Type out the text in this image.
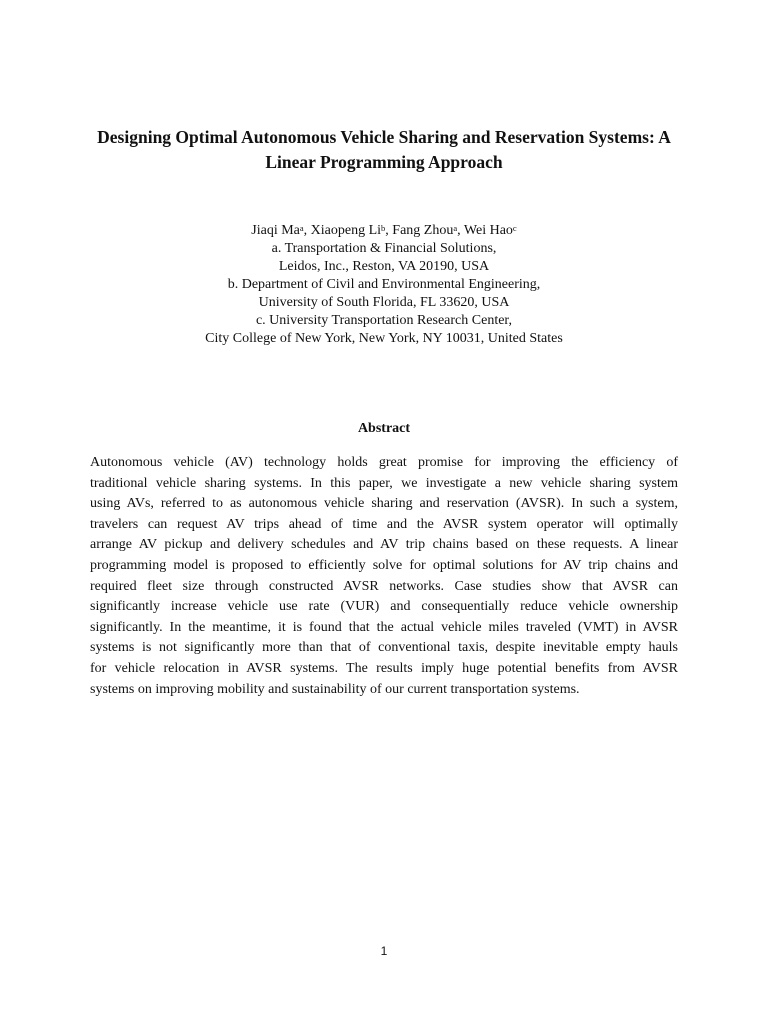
Designing Optimal Autonomous Vehicle Sharing and Reservation Systems: A
Linear Programming Approach
Jiaqi Ma$^a$, Xiaopeng Li$^b$, Fang Zhou$^a$, Wei Hao$^c$
a. Transportation & Financial Solutions,
Leidos, Inc., Reston, VA 20190, USA
b. Department of Civil and Environmental Engineering,
University of South Florida, FL 33620, USA
c. University Transportation Research Center,
City College of New York, New York, NY 10031, United States
Abstract
Autonomous vehicle (AV) technology holds great promise for improving the efficiency of
traditional vehicle sharing systems. In this paper, we investigate a new vehicle sharing system
using AVs, referred to as autonomous vehicle sharing and reservation (AVSR). In such a system,
travelers can request AV trips ahead of time and the AVSR system operator will optimally
arrange AV pickup and delivery schedules and AV trip chains based on these requests. A linear
programming model is proposed to efficiently solve for optimal solutions for AV trip chains and
required fleet size through constructed AVSR networks. Case studies show that AVSR can
significantly increase vehicle use rate (VUR) and consequentially reduce vehicle ownership
significantly. In the meantime, it is found that the actual vehicle miles traveled (VMT) in AVSR
systems is not significantly more than that of conventional taxis, despite inevitable empty hauls
for vehicle relocation in AVSR systems. The results imply huge potential benefits from AVSR
systems on improving mobility and sustainability of our current transportation systems.
1
